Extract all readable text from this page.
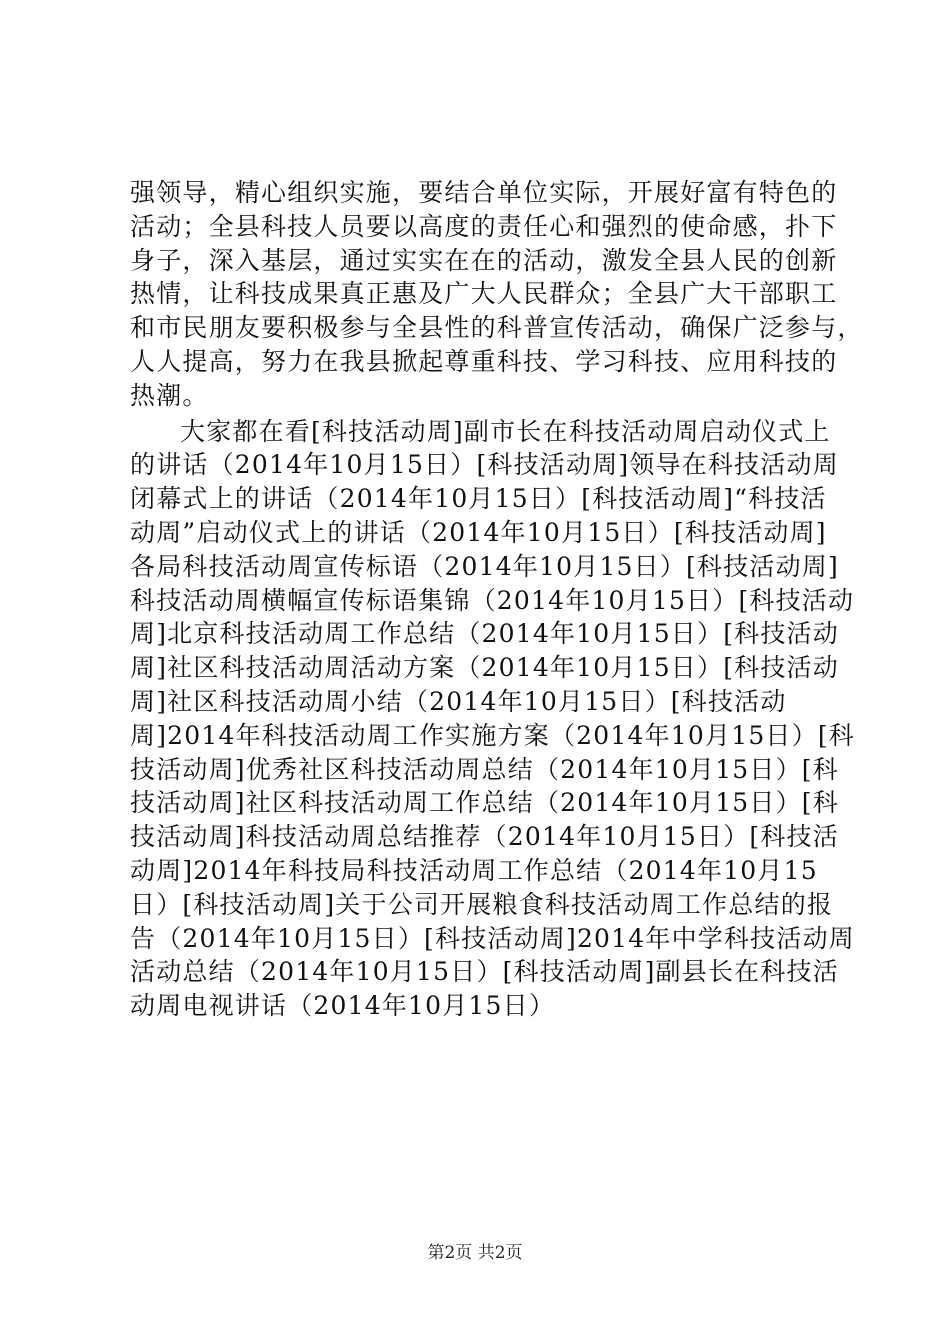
强领导，精心组织实施，要结合单位实际，开展好富有特色的
活动；全县科技人员要以高度的责任心和强烈的使命感，扑下
身子，深入基层，通过实实在在的活动，激发全县人民的创新
热情，让科技成果真正惠及广大人民群众；全县广大干部职工
和市民朋友要积极参与全县性的科普宣传活动，确保广泛参与，
人人提高，努力在我县掀起尊重科技、学习科技、应用科技的
热潮。
大家都在看[科技活动周]副市长在科技活动周启动仪式上
的讲话（2014年10月15日）[科技活动周]领导在科技活动周
闭幕式上的讲话（2014年10月15日）[科技活动周]“科技活
动周”启动仪式上的讲话（2014年10月15日）[科技活动周]
各局科技活动周宣传标语（2014年10月15日）[科技活动周]
科技活动周横幅宣传标语集锦（2014年10月15日）[科技活动
周]北京科技活动周工作总结（2014年10月15日）[科技活动
周]社区科技活动周活动方案（2014年10月15日）[科技活动
周]社区科技活动周小结（2014年10月15日）[科技活动
周]2014年科技活动周工作实施方案（2014年10月15日）[科
技活动周]优秀社区科技活动周总结（2014年10月15日）[科
技活动周]社区科技活动周工作总结（2014年10月15日）[科
技活动周]科技活动周总结推荐（2014年10月15日）[科技活
动周]2014年科技局科技活动周工作总结（2014年10月15
日）[科技活动周]关于公司开展粮食科技活动周工作总结的报
告（2014年10月15日）[科技活动周]2014年中学科技活动周
活动总结（2014年10月15日）[科技活动周]副县长在科技活
动周电视讲话（2014年10月15日）
第2页 共2页
